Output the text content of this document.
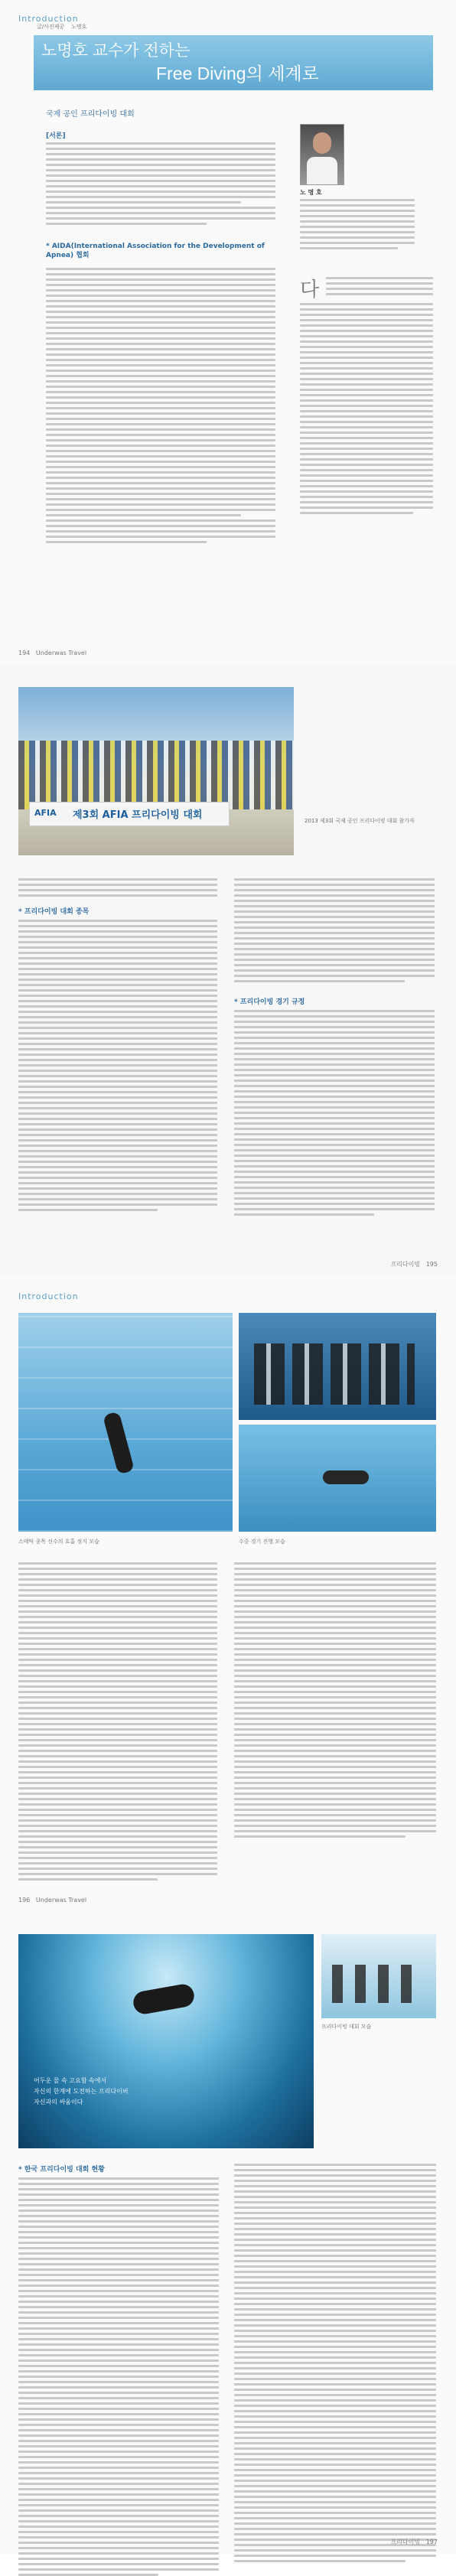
Introduction
노명호 교수가 전하는
Free Diving의 세계로
글/사진제공 노명호
국제 공인 프리다이빙 대회
[서론]
* AIDA(International Association for the Development of Apnea) 협회
노 명 호
다
194 Underwas Travel
AFIA 제3회 AFIA 프리다이빙 대회	2013 제3회 국제 공인 프리다이빙 대회 참가자
* 프리다이빙 대회 종목
* 프리다이빙 경기 규정
프리다이빙 195
Introduction
스태틱 종목 선수의 호흡 정지 모습	수중 경기 진행 모습
196 Underwas Travel
어두운 물 속 고요함 속에서
자신의 한계에 도전하는 프리다이버
자신과의 싸움이다
프리다이빙 대회 모습
* 한국 프리다이빙 대회 현황
프리다이빙 197
